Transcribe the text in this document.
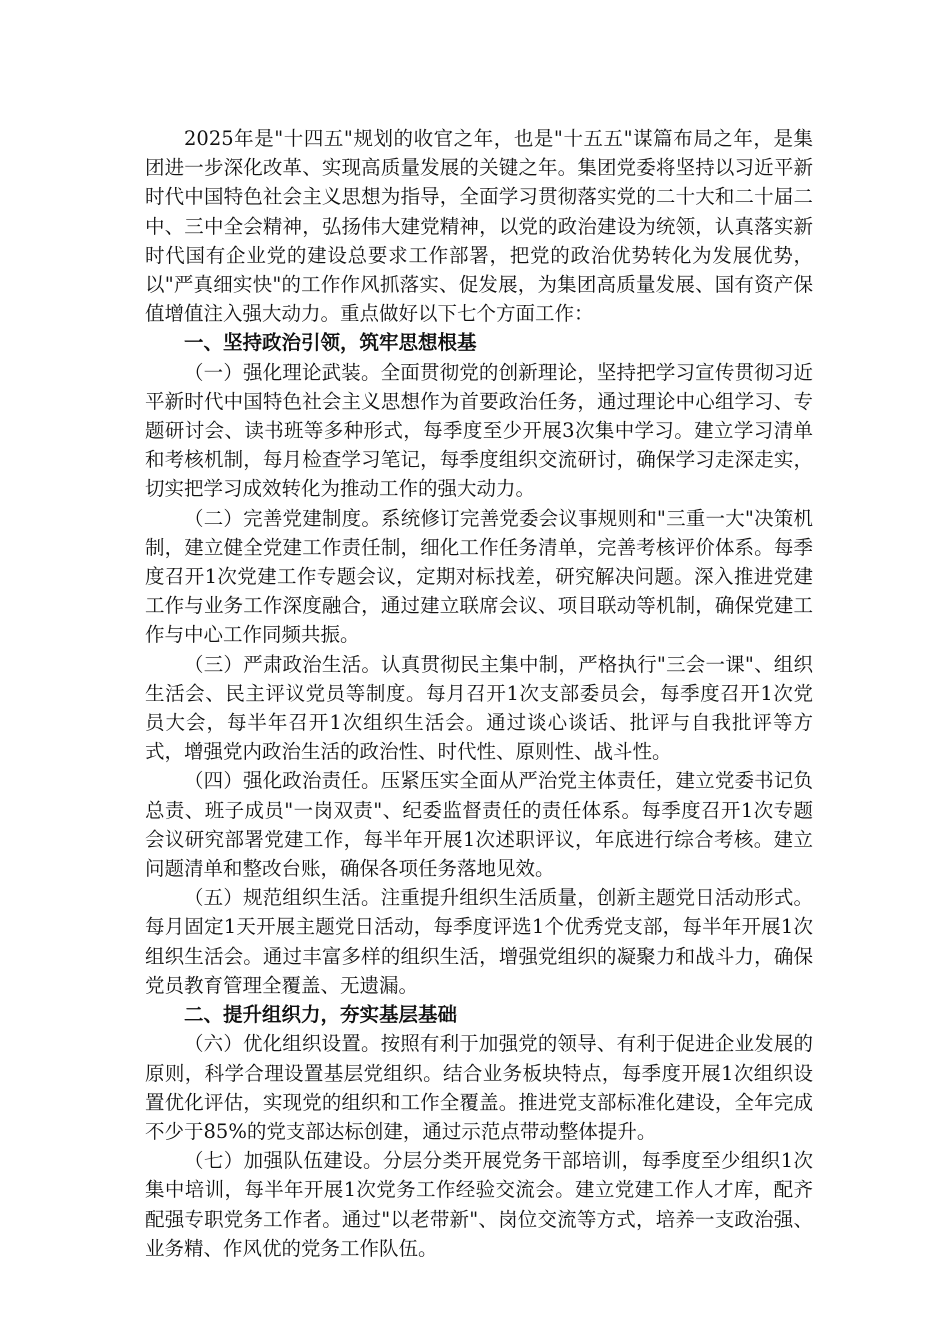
2025年是"十四五"规划的收官之年，也是"十五五"谋篇布局之年，是集团进一步深化改革、实现高质量发展的关键之年。集团党委将坚持以习近平新时代中国特色社会主义思想为指导，全面学习贯彻落实党的二十大和二十届二中、三中全会精神，弘扬伟大建党精神，以党的政治建设为统领，认真落实新时代国有企业党的建设总要求工作部署，把党的政治优势转化为发展优势，以"严真细实快"的工作作风抓落实、促发展，为集团高质量发展、国有资产保值增值注入强大动力。重点做好以下七个方面工作：

一、坚持政治引领，筑牢思想根基

（一）强化理论武装。全面贯彻党的创新理论，坚持把学习宣传贯彻习近平新时代中国特色社会主义思想作为首要政治任务，通过理论中心组学习、专题研讨会、读书班等多种形式，每季度至少开展3次集中学习。建立学习清单和考核机制，每月检查学习笔记，每季度组织交流研讨，确保学习走深走实，切实把学习成效转化为推动工作的强大动力。

（二）完善党建制度。系统修订完善党委会议事规则和"三重一大"决策机制，建立健全党建工作责任制，细化工作任务清单，完善考核评价体系。每季度召开1次党建工作专题会议，定期对标找差，研究解决问题。深入推进党建工作与业务工作深度融合，通过建立联席会议、项目联动等机制，确保党建工作与中心工作同频共振。

（三）严肃政治生活。认真贯彻民主集中制，严格执行"三会一课"、组织生活会、民主评议党员等制度。每月召开1次支部委员会，每季度召开1次党员大会，每半年召开1次组织生活会。通过谈心谈话、批评与自我批评等方式，增强党内政治生活的政治性、时代性、原则性、战斗性。

（四）强化政治责任。压紧压实全面从严治党主体责任，建立党委书记负总责、班子成员"一岗双责"、纪委监督责任的责任体系。每季度召开1次专题会议研究部署党建工作，每半年开展1次述职评议，年底进行综合考核。建立问题清单和整改台账，确保各项任务落地见效。

（五）规范组织生活。注重提升组织生活质量，创新主题党日活动形式。每月固定1天开展主题党日活动，每季度评选1个优秀党支部，每半年开展1次组织生活会。通过丰富多样的组织生活，增强党组织的凝聚力和战斗力，确保党员教育管理全覆盖、无遗漏。

二、提升组织力，夯实基层基础

（六）优化组织设置。按照有利于加强党的领导、有利于促进企业发展的原则，科学合理设置基层党组织。结合业务板块特点，每季度开展1次组织设置优化评估，实现党的组织和工作全覆盖。推进党支部标准化建设，全年完成不少于85%的党支部达标创建，通过示范点带动整体提升。

（七）加强队伍建设。分层分类开展党务干部培训，每季度至少组织1次集中培训，每半年开展1次党务工作经验交流会。建立党建工作人才库，配齐配强专职党务工作者。通过"以老带新"、岗位交流等方式，培养一支政治强、业务精、作风优的党务工作队伍。
